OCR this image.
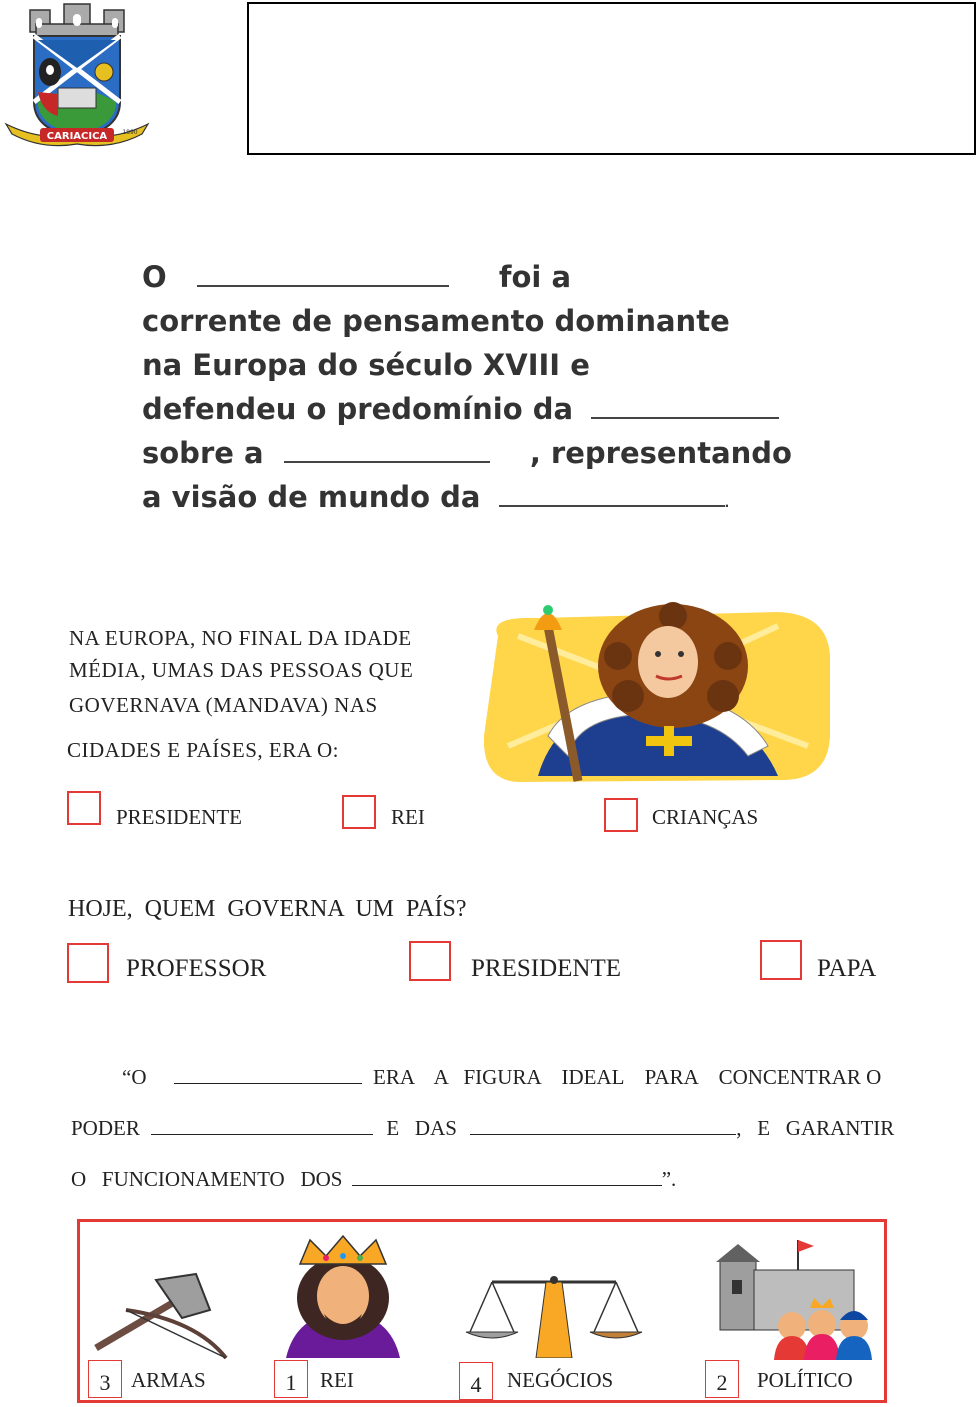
CARIACICA	1890
O	foi a
corrente de pensamento dominante
na Europa do século XVIII e
defendeu o predomínio da
sobre a	, representando
a visão de mundo da	.
NA EUROPA, NO FINAL DA IDADE
MÉDIA, UMAS DAS PESSOAS QUE
GOVERNAVA (MANDAVA) NAS
CIDADES E PAÍSES, ERA O:
PRESIDENTE	REI	CRIANÇAS
HOJE, QUEM GOVERNA UM PAÍS?
PROFESSOR	PRESIDENTE	PAPA
“O	ERA    A   FIGURA    IDEAL    PARA    CONCENTRAR O
PODER	E   DAS	,   E   GARANTIR
O   FUNCIONAMENTO   DOS	”.
3 ARMAS	1	REI	4	NEGÓCIOS	2	POLÍTICO
